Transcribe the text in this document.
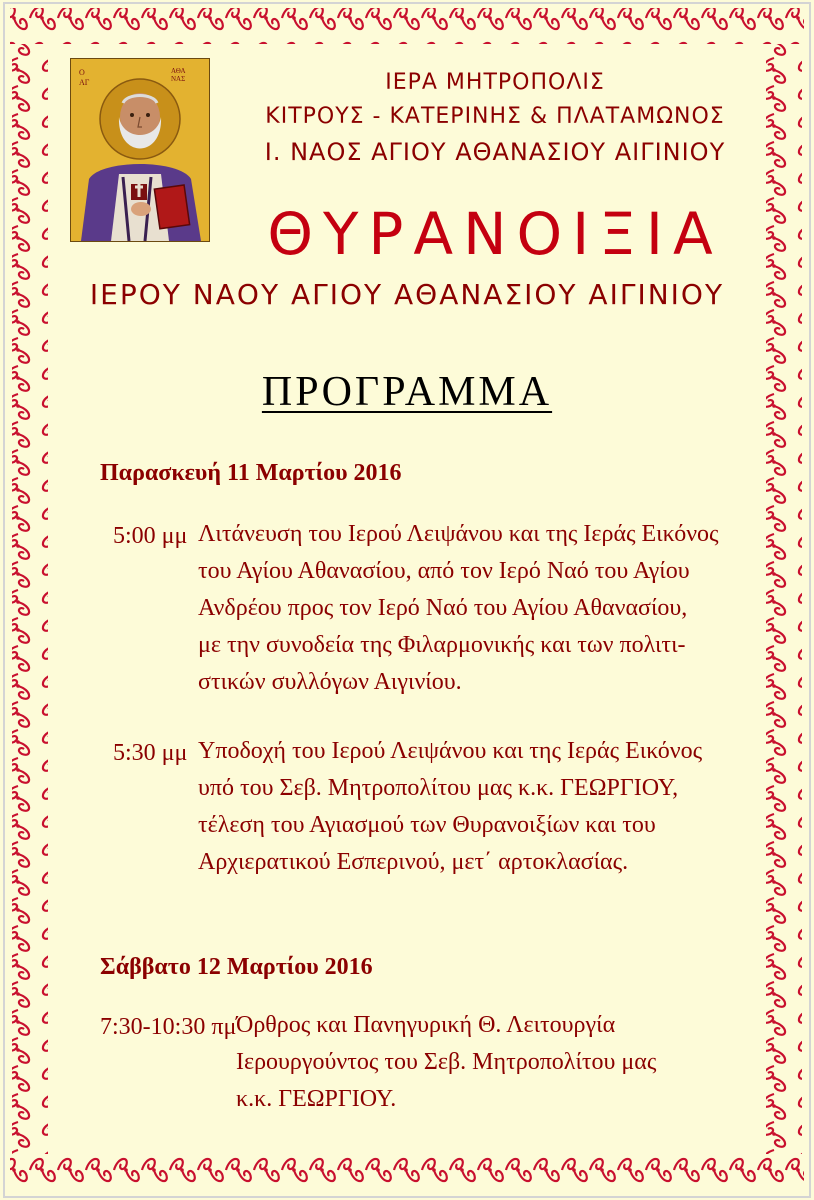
Ο
ΑΓ
ΑΘΑ
ΝΑΣ	ΙΕΡΑ ΜΗΤΡΟΠΟΛΙΣ
ΚΙΤΡΟΥΣ - ΚΑΤΕΡΙΝΗΣ & ΠΛΑΤΑΜΩΝΟΣ
Ι. ΝΑΟΣ ΑΓΙΟΥ ΑΘΑΝΑΣΙΟΥ ΑΙΓΙΝΙΟΥ
ΘΥΡΑΝΟΙΞΙΑ
ΙΕΡΟΥ ΝΑΟΥ ΑΓΙΟΥ ΑΘΑΝΑΣΙΟΥ ΑΙΓΙΝΙΟΥ
ΠΡΟΓΡΑΜΜΑ
Παρασκευή 11 Μαρτίου 2016
5:00 μμ Λιτάνευση του Ιερού Λειψάνου και της Ιεράς Εικόνος
του Αγίου Αθανασίου, από τον Ιερό Ναό του Αγίου
Ανδρέου προς τον Ιερό Ναό του Αγίου Αθανασίου,
με την συνοδεία της Φιλαρμονικής και των πολιτι-
στικών συλλόγων Αιγινίου.
5:30 μμ Υποδοχή του Ιερού Λειψάνου και της Ιεράς Εικόνος
υπό του Σεβ. Μητροπολίτου μας κ.κ. ΓΕΩΡΓΙΟΥ,
τέλεση του Αγιασμού των Θυρανοιξίων και του
Αρχιερατικού Εσπερινού, μετ΄ αρτοκλασίας.
Σάββατο 12 Μαρτίου 2016
7:30-10:30 πμ Όρθρος και Πανηγυρική Θ. Λειτουργία
Ιερουργούντος του Σεβ. Μητροπολίτου μας
κ.κ. ΓΕΩΡΓΙΟΥ.
